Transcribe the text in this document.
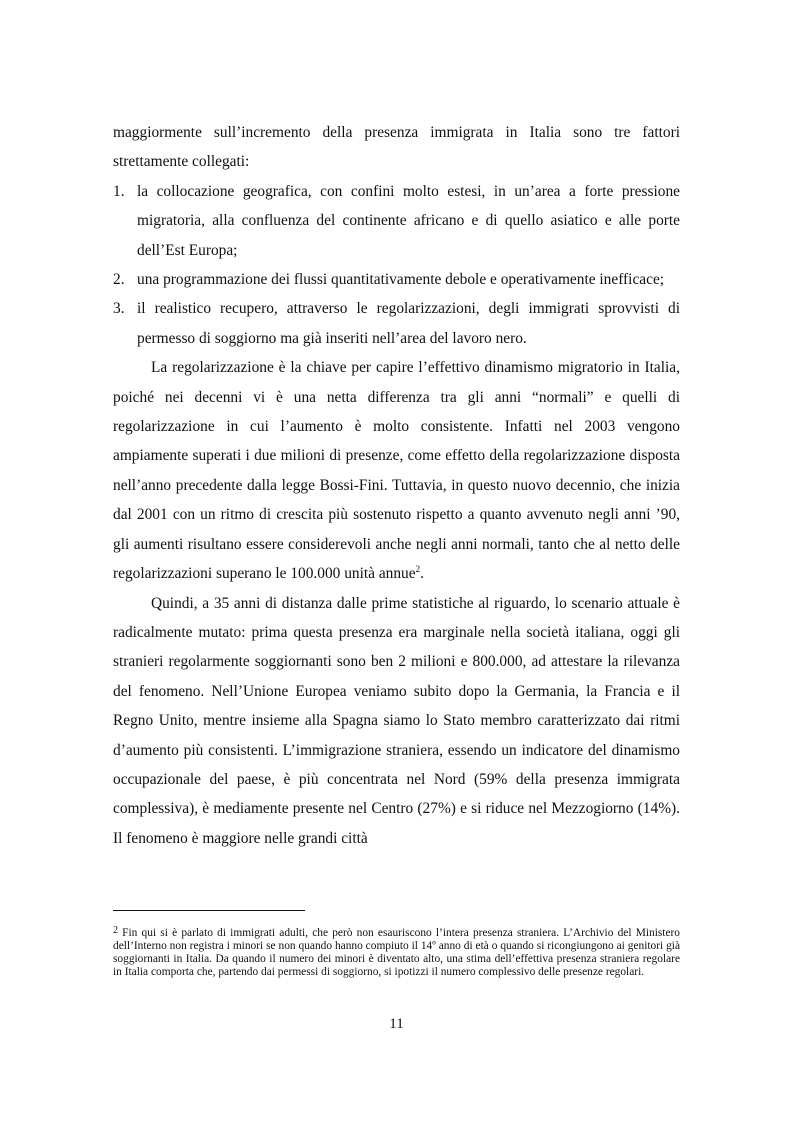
maggiormente sull’incremento della presenza immigrata in Italia sono tre fattori strettamente collegati:

1. la collocazione geografica, con confini molto estesi, in un’area a forte pressione migratoria, alla confluenza del continente africano e di quello asiatico e alle porte dell’Est Europa;
2. una programmazione dei flussi quantitativamente debole e operativamente inefficace;
3. il realistico recupero, attraverso le regolarizzazioni, degli immigrati sprovvisti di permesso di soggiorno ma già inseriti nell’area del lavoro nero.

La regolarizzazione è la chiave per capire l’effettivo dinamismo migratorio in Italia, poiché nei decenni vi è una netta differenza tra gli anni “normali” e quelli di regolarizzazione in cui l’aumento è molto consistente. Infatti nel 2003 vengono ampiamente superati i due milioni di presenze, come effetto della regolarizzazione disposta nell’anno precedente dalla legge Bossi-Fini. Tuttavia, in questo nuovo decennio, che inizia dal 2001 con un ritmo di crescita più sostenuto rispetto a quanto avvenuto negli anni ’90, gli aumenti risultano essere considerevoli anche negli anni normali, tanto che al netto delle regolarizzazioni superano le 100.000 unità annue$^2$.

Quindi, a 35 anni di distanza dalle prime statistiche al riguardo, lo scenario attuale è radicalmente mutato: prima questa presenza era marginale nella società italiana, oggi gli stranieri regolarmente soggiornanti sono ben 2 milioni e 800.000, ad attestare la rilevanza del fenomeno. Nell’Unione Europea veniamo subito dopo la Germania, la Francia e il Regno Unito, mentre insieme alla Spagna siamo lo Stato membro caratterizzato dai ritmi d’aumento più consistenti. L’immigrazione straniera, essendo un indicatore del dinamismo occupazionale del paese, è più concentrata nel Nord (59% della presenza immigrata complessiva), è mediamente presente nel Centro (27%) e si riduce nel Mezzogiorno (14%). Il fenomeno è maggiore nelle grandi città

$^2$ Fin qui si è parlato di immigrati adulti, che però non esauriscono l’intera presenza straniera. L’Archivio del Ministero dell’Interno non registra i minori se non quando hanno compiuto il 14º anno di età o quando si ricongiungono ai genitori già soggiornanti in Italia. Da quando il numero dei minori è diventato alto, una stima dell’effettiva presenza straniera regolare in Italia comporta che, partendo dai permessi di soggiorno, si ipotizzi il numero complessivo delle presenze regolari.
11
